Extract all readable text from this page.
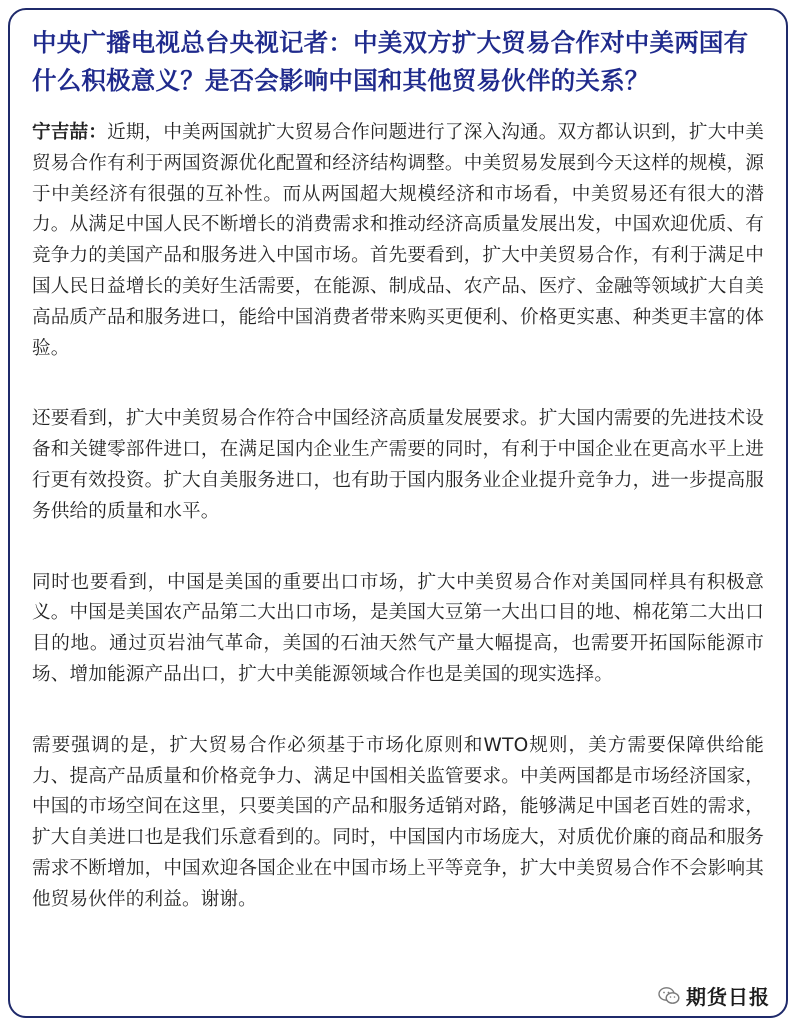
中央广播电视总台央视记者：中美双方扩大贸易合作对中美两国有什么积极意义？是否会影响中国和其他贸易伙伴的关系？

宁吉喆：近期，中美两国就扩大贸易合作问题进行了深入沟通。双方都认识到，扩大中美贸易合作有利于两国资源优化配置和经济结构调整。中美贸易发展到今天这样的规模，源于中美经济有很强的互补性。而从两国超大规模经济和市场看，中美贸易还有很大的潜力。从满足中国人民不断增长的消费需求和推动经济高质量发展出发，中国欢迎优质、有竞争力的美国产品和服务进入中国市场。首先要看到，扩大中美贸易合作，有利于满足中国人民日益增长的美好生活需要，在能源、制成品、农产品、医疗、金融等领域扩大自美高品质产品和服务进口，能给中国消费者带来购买更便利、价格更实惠、种类更丰富的体验。

还要看到，扩大中美贸易合作符合中国经济高质量发展要求。扩大国内需要的先进技术设备和关键零部件进口，在满足国内企业生产需要的同时，有利于中国企业在更高水平上进行更有效投资。扩大自美服务进口，也有助于国内服务业企业提升竞争力，进一步提高服务供给的质量和水平。

同时也要看到，中国是美国的重要出口市场，扩大中美贸易合作对美国同样具有积极意义。中国是美国农产品第二大出口市场，是美国大豆第一大出口目的地、棉花第二大出口目的地。通过页岩油气革命，美国的石油天然气产量大幅提高，也需要开拓国际能源市场、增加能源产品出口，扩大中美能源领域合作也是美国的现实选择。

需要强调的是，扩大贸易合作必须基于市场化原则和WTO规则，美方需要保障供给能力、提高产品质量和价格竞争力、满足中国相关监管要求。中美两国都是市场经济国家，中国的市场空间在这里，只要美国的产品和服务适销对路，能够满足中国老百姓的需求，扩大自美进口也是我们乐意看到的。同时，中国国内市场庞大，对质优价廉的商品和服务需求不断增加，中国欢迎各国企业在中国市场上平等竞争，扩大中美贸易合作不会影响其他贸易伙伴的利益。谢谢。

期货日报
